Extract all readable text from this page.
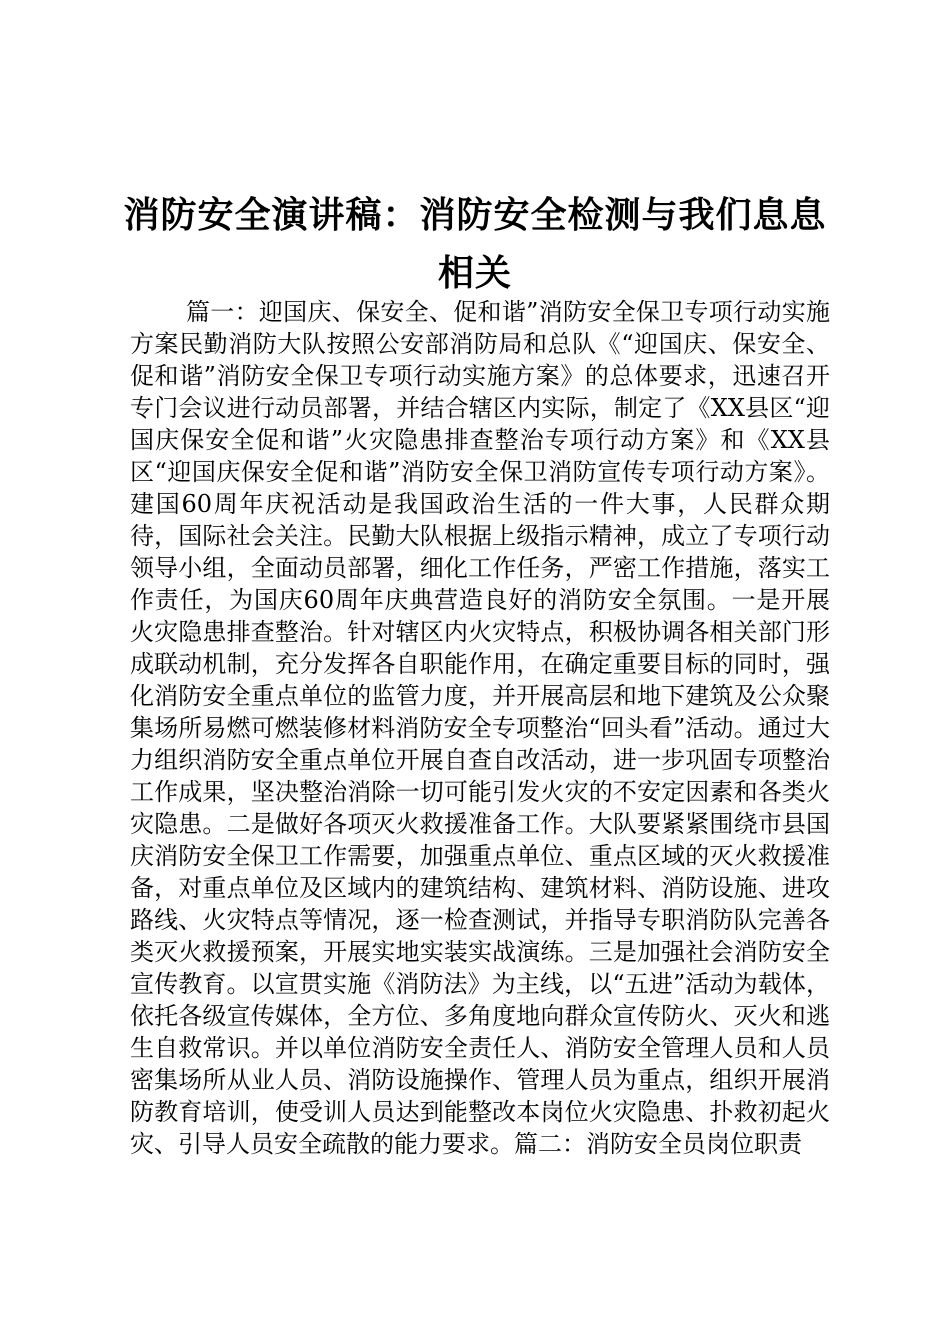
消防安全演讲稿：消防安全检测与我们息息相关

篇一：迎国庆、保安全、促和谐”消防安全保卫专项行动实施方案民勤消防大队按照公安部消防局和总队《“迎国庆、保安全、促和谐”消防安全保卫专项行动实施方案》的总体要求，迅速召开专门会议进行动员部署，并结合辖区内实际，制定了《XX县区“迎国庆保安全促和谐”火灾隐患排查整治专项行动方案》和《XX县区“迎国庆保安全促和谐”消防安全保卫消防宣传专项行动方案》。建国60周年庆祝活动是我国政治生活的一件大事，人民群众期待，国际社会关注。民勤大队根据上级指示精神，成立了专项行动领导小组，全面动员部署，细化工作任务，严密工作措施，落实工作责任，为国庆60周年庆典营造良好的消防安全氛围。一是开展火灾隐患排查整治。针对辖区内火灾特点，积极协调各相关部门形成联动机制，充分发挥各自职能作用，在确定重要目标的同时，强化消防安全重点单位的监管力度，并开展高层和地下建筑及公众聚集场所易燃可燃装修材料消防安全专项整治“回头看”活动。通过大力组织消防安全重点单位开展自查自改活动，进一步巩固专项整治工作成果，坚决整治消除一切可能引发火灾的不安定因素和各类火灾隐患。二是做好各项灭火救援准备工作。大队要紧紧围绕市县国庆消防安全保卫工作需要，加强重点单位、重点区域的灭火救援准备，对重点单位及区域内的建筑结构、建筑材料、消防设施、进攻路线、火灾特点等情况，逐一检查测试，并指导专职消防队完善各类灭火救援预案，开展实地实装实战演练。三是加强社会消防安全宣传教育。以宣贯实施《消防法》为主线，以“五进”活动为载体，依托各级宣传媒体，全方位、多角度地向群众宣传防火、灭火和逃生自救常识。并以单位消防安全责任人、消防安全管理人员和人员密集场所从业人员、消防设施操作、管理人员为重点，组织开展消防教育培训，使受训人员达到能整改本岗位火灾隐患、扑救初起火灾、引导人员安全疏散的能力要求。篇二：消防安全员岗位职责
